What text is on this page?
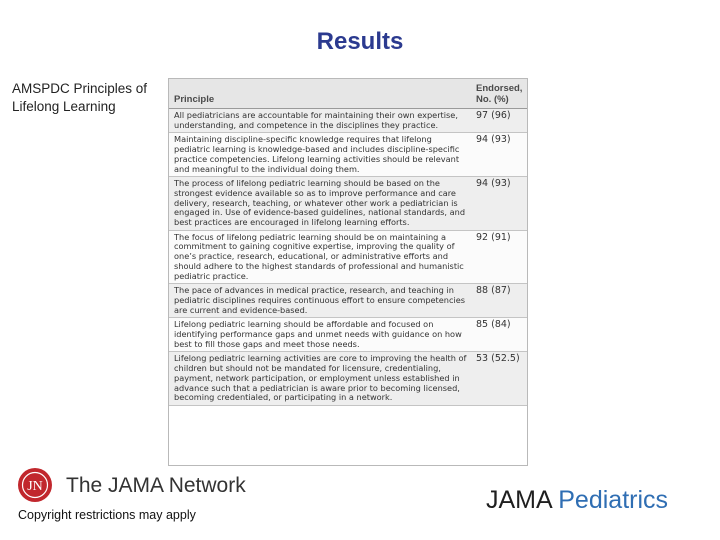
Results
AMSPDC Principles of Lifelong Learning	Principle	Endorsed, No. (%)
All pediatricians are accountable for maintaining their own expertise, understanding, and competence in the disciplines they practice.	97 (96)
Maintaining discipline-specific knowledge requires that lifelong pediatric learning is knowledge-based and includes discipline-specific practice competencies. Lifelong learning activities should be relevant and meaningful to the individual doing them.	94 (93)
The process of lifelong pediatric learning should be based on the strongest evidence available so as to improve performance and care delivery, research, teaching, or whatever other work a pediatrician is engaged in. Use of evidence-based guidelines, national standards, and best practices are encouraged in lifelong learning efforts.	94 (93)
The focus of lifelong pediatric learning should be on maintaining a commitment to gaining cognitive expertise, improving the quality of one’s practice, research, educational, or administrative efforts and should adhere to the highest standards of professional and humanistic pediatric practice.	92 (91)
The pace of advances in medical practice, research, and teaching in pediatric disciplines requires continuous effort to ensure competencies are current and evidence-based.	88 (87)
Lifelong pediatric learning should be affordable and focused on identifying performance gaps and unmet needs with guidance on how best to fill those gaps and meet those needs.	85 (84)
Lifelong pediatric learning activities are core to improving the health of children but should not be mandated for licensure, credentialing, payment, network participation, or employment unless established in advance such that a pediatrician is aware prior to becoming licensed, becoming credentialed, or participating in a network.	53 (52.5)
JN The JAMA Network
Copyright restrictions may apply
JAMA Pediatrics
